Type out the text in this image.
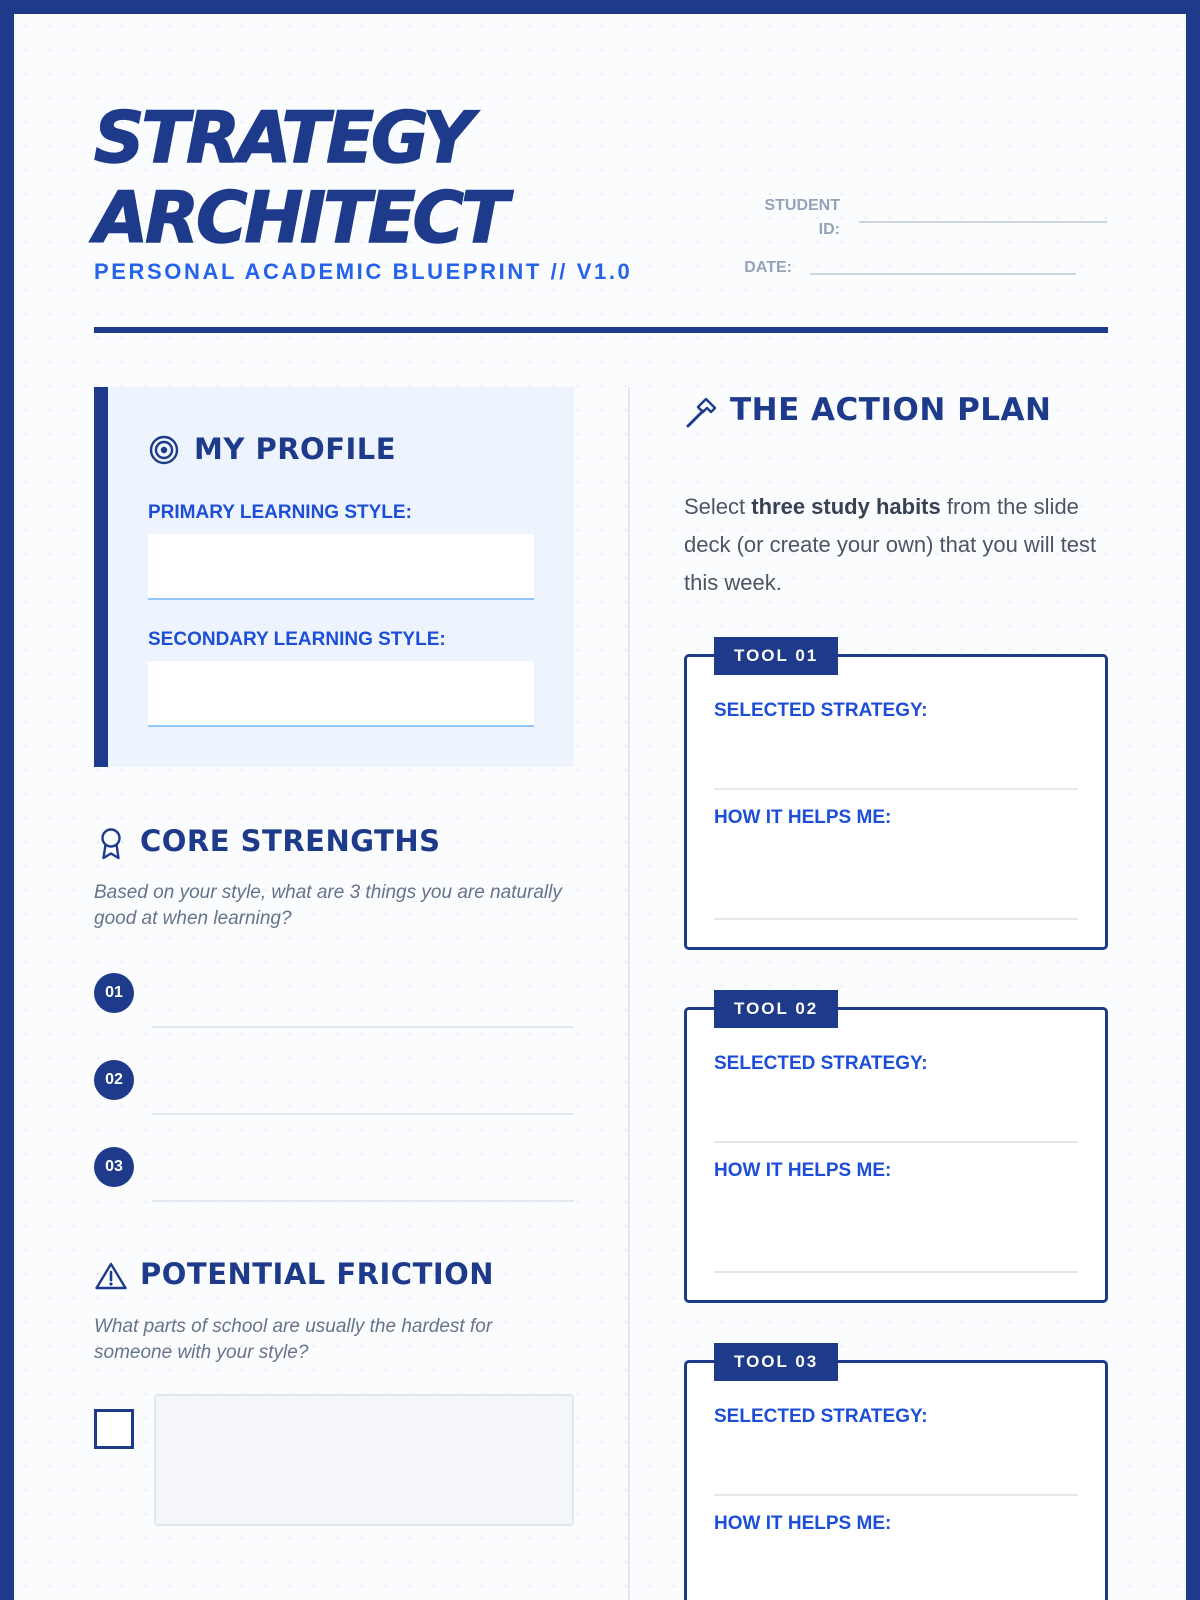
STRATEGY
ARCHITECT
PERSONAL ACADEMIC BLUEPRINT // V1.0
STUDENT
ID:
DATE:
MY PROFILE
PRIMARY LEARNING STYLE:
SECONDARY LEARNING STYLE:
CORE STRENGTHS
Based on your style, what are 3 things you are naturally good at when learning?
01
02
03
POTENTIAL FRICTION
What parts of school are usually the hardest for someone with your style?
THE ACTION PLAN
Select three study habits from the slide deck (or create your own) that you will test this week.
TOOL 01
SELECTED STRATEGY:
HOW IT HELPS ME:
TOOL 02
SELECTED STRATEGY:
HOW IT HELPS ME:
TOOL 03
SELECTED STRATEGY:
HOW IT HELPS ME:
